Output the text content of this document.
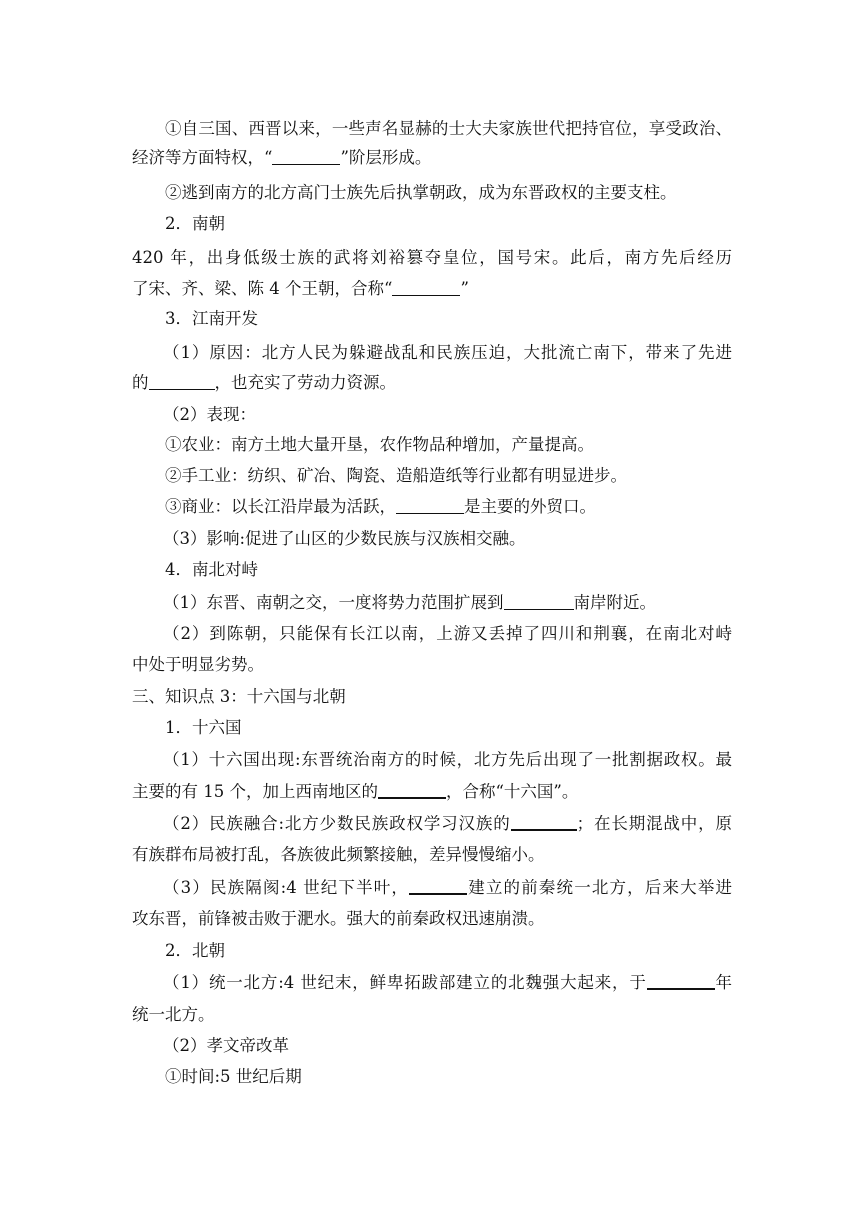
①自三国、西晋以来，一些声名显赫的士大夫家族世代把持官位，享受政治、
经济等方面特权，“	”阶层形成。
②逃到南方的北方高门士族先后执掌朝政，成为东晋政权的主要支柱。
2．南朝
420 年，出身低级士族的武将刘裕篡夺皇位，国号宋。此后，南方先后经历
了宋、齐、梁、陈 4 个王朝，合称“	”
3．江南开发
（1）原因：北方人民为躲避战乱和民族压迫，大批流亡南下，带来了先进
的	，也充实了劳动力资源。
（2）表现：
①农业：南方土地大量开垦，农作物品种增加，产量提高。
②手工业：纺织、矿冶、陶瓷、造船造纸等行业都有明显进步。
③商业：以长江沿岸最为活跃，	是主要的外贸口。
（3）影响:促进了山区的少数民族与汉族相交融。
4．南北对峙
（1）东晋、南朝之交，一度将势力范围扩展到	南岸附近。
（2）到陈朝，只能保有长江以南，上游又丢掉了四川和荆襄，在南北对峙
中处于明显劣势。
三、知识点 3：十六国与北朝
1．十六国
（1）十六国出现:东晋统治南方的时候，北方先后出现了一批割据政权。最
主要的有 15 个，加上西南地区的	，合称“十六国”。
（2）民族融合:北方少数民族政权学习汉族的	；在长期混战中，原
有族群布局被打乱，各族彼此频繁接触，差异慢慢缩小。
（3）民族隔阂:4 世纪下半叶，	建立的前秦统一北方，后来大举进
攻东晋，前锋被击败于淝水。强大的前秦政权迅速崩溃。
2．北朝
（1）统一北方:4 世纪末，鲜卑拓跋部建立的北魏强大起来，于	年
统一北方。
（2）孝文帝改革
①时间:5 世纪后期
